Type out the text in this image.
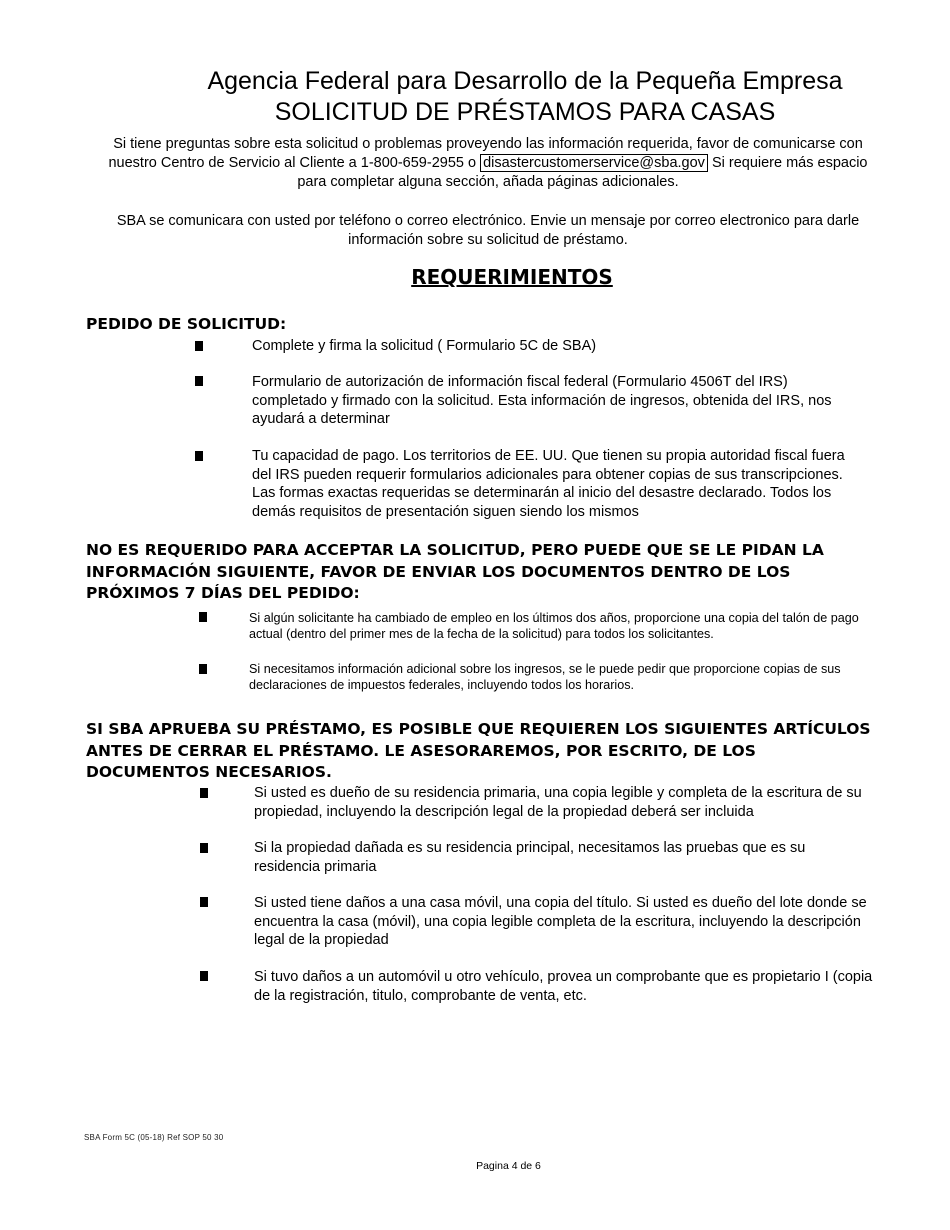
Agencia Federal para Desarrollo de la Pequeña Empresa
SOLICITUD DE PRÉSTAMOS PARA CASAS
Si tiene preguntas sobre esta solicitud o problemas proveyendo las información requerida, favor de comunicarse con nuestro Centro de Servicio al Cliente a 1-800-659-2955 o disastercustomerservice@sba.gov Si requiere más espacio para completar alguna sección, añada páginas adicionales.
SBA se comunicara con usted por teléfono o correo electrónico. Envie un mensaje por correo electronico para darle información sobre su solicitud de préstamo.
REQUERIMIENTOS
PEDIDO DE SOLICITUD:
Complete y firma la solicitud ( Formulario 5C de SBA)
Formulario de autorización de información fiscal federal (Formulario 4506T del IRS) completado y firmado con la solicitud. Esta información de ingresos, obtenida del IRS, nos ayudará a determinar
Tu capacidad de pago. Los territorios de EE. UU. Que tienen su propia autoridad fiscal fuera del IRS pueden requerir formularios adicionales para obtener copias de sus transcripciones. Las formas exactas requeridas se determinarán al inicio del desastre declarado. Todos los demás requisitos de presentación siguen siendo los mismos
NO ES REQUERIDO PARA ACCEPTAR LA SOLICITUD, PERO PUEDE QUE SE LE PIDAN LA INFORMACIÓN SIGUIENTE, FAVOR DE ENVIAR LOS DOCUMENTOS DENTRO DE LOS PRÓXIMOS 7 DÍAS DEL PEDIDO:
Si algún solicitante ha cambiado de empleo en los últimos dos años, proporcione una copia del talón de pago actual (dentro del primer mes de la fecha de la solicitud) para todos los solicitantes.
Si necesitamos información adicional sobre los ingresos, se le puede pedir que proporcione copias de sus declaraciones de impuestos federales, incluyendo todos los horarios.
SI SBA APRUEBA SU PRÉSTAMO, ES POSIBLE QUE REQUIEREN LOS SIGUIENTES ARTÍCULOS ANTES DE CERRAR EL PRÉSTAMO. LE ASESORAREMOS, POR ESCRITO, DE LOS DOCUMENTOS NECESARIOS.
Si usted es dueño de su residencia primaria, una copia legible y completa de la escritura de su propiedad, incluyendo la descripción legal de la propiedad deberá ser incluida
Si la propiedad dañada es su residencia principal, necesitamos las pruebas que es su residencia primaria
Si usted tiene daños a una casa móvil, una copia del título. Si usted es dueño del lote donde se encuentra la casa (móvil), una copia legible completa de la escritura, incluyendo la descripción legal de la propiedad
Si tuvo daños a un automóvil u otro vehículo, provea un comprobante que es propietario I (copia de la registración, titulo, comprobante de venta, etc.
SBA Form 5C (05-18) Ref SOP 50 30
Pagina 4 de 6
